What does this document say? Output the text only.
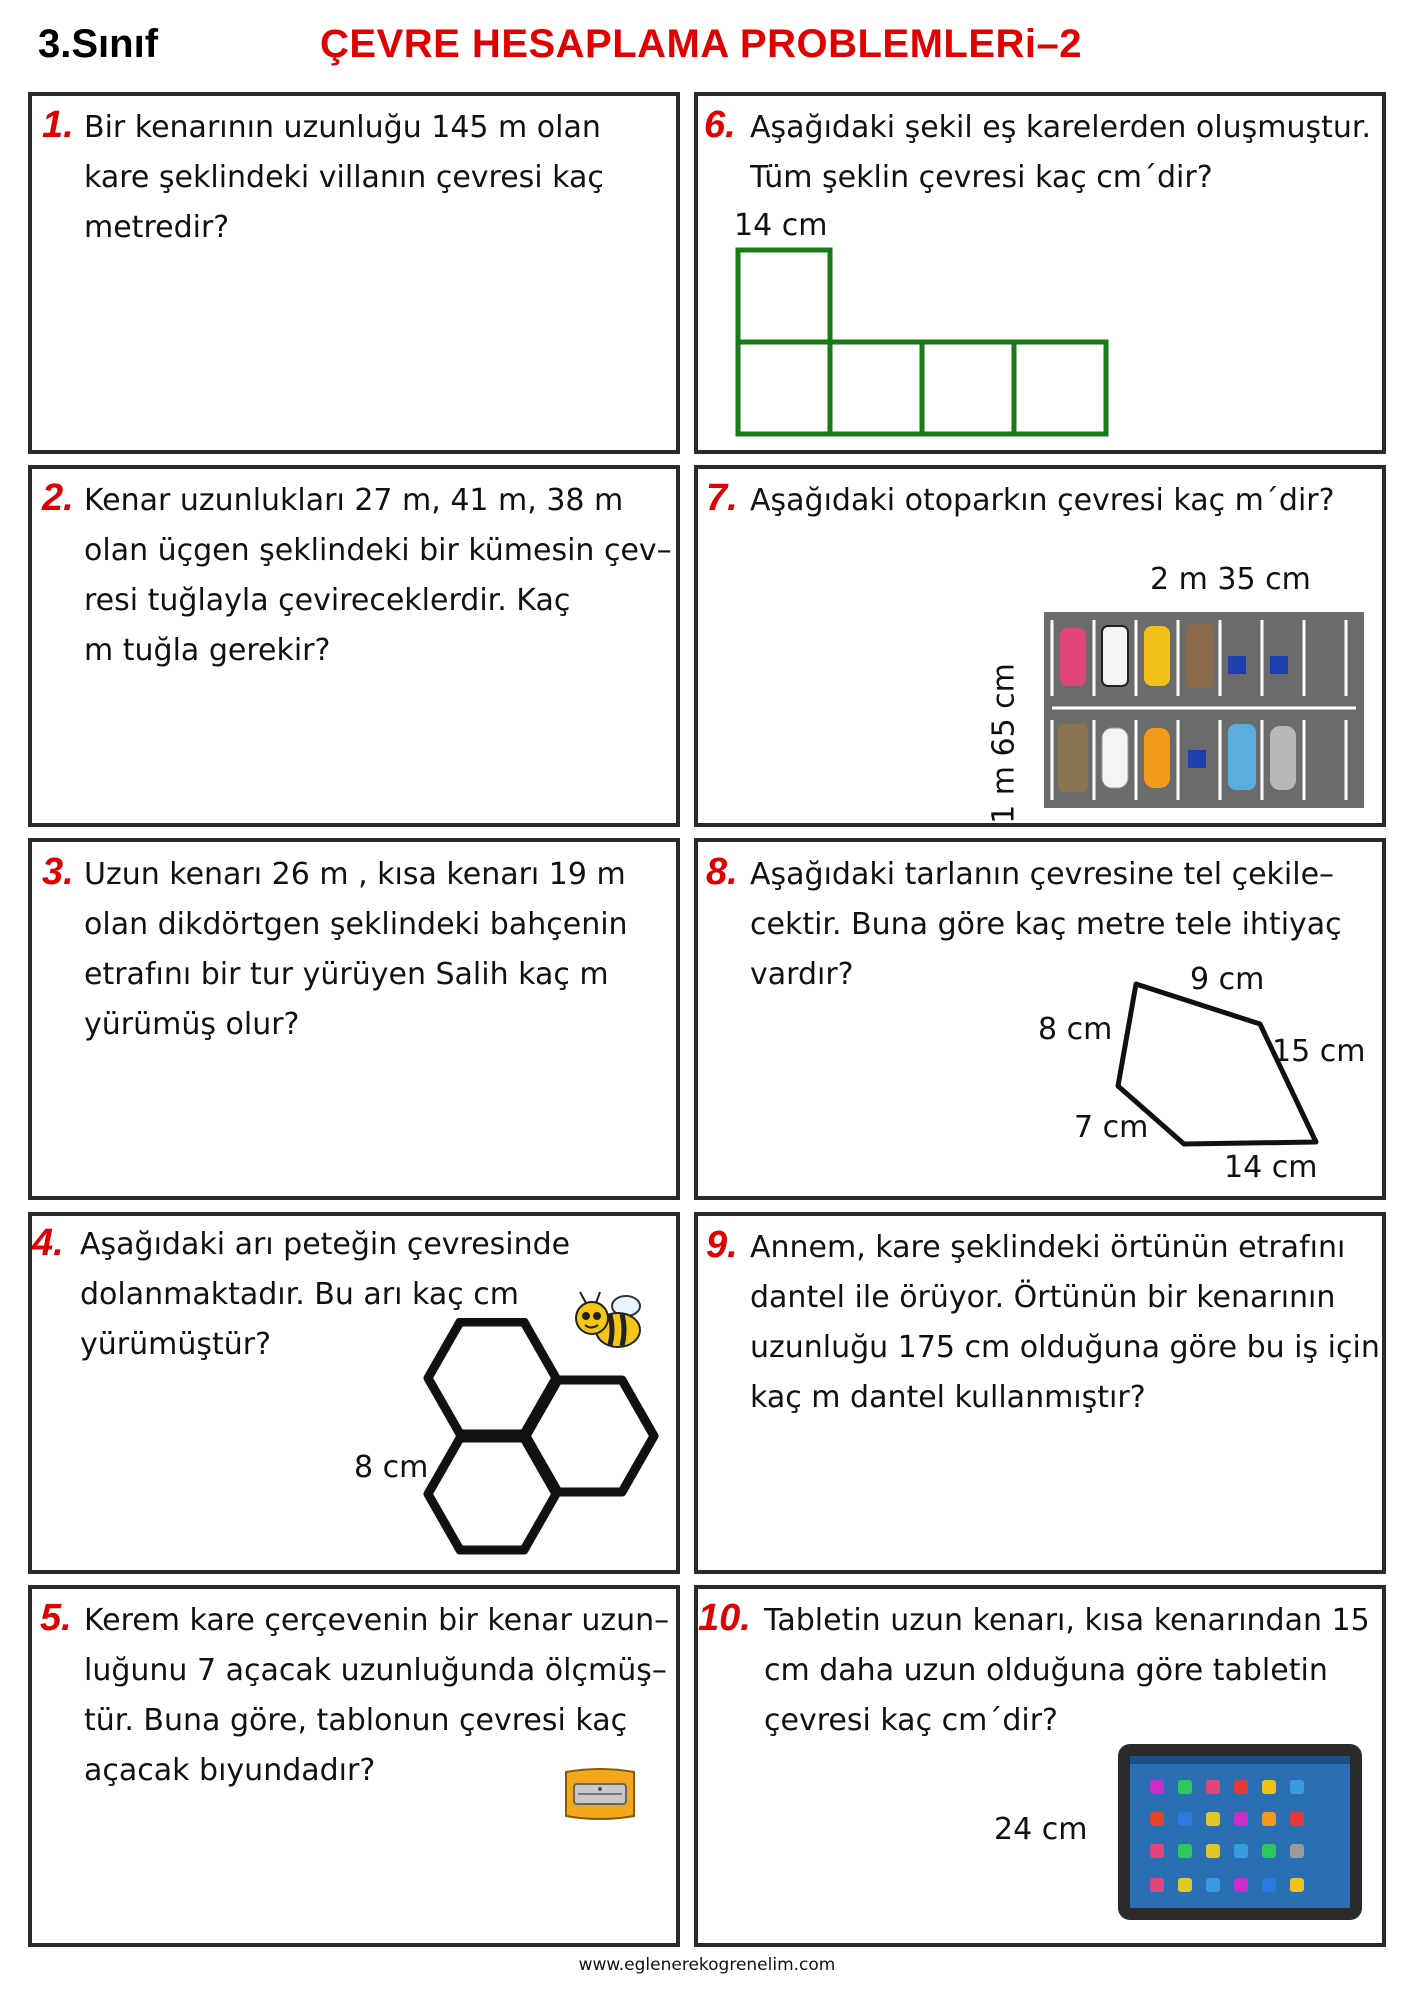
3.Sınıf	ÇEVRE HESAPLAMA PROBLEMLERi–2
1. Bir kenarının uzunluğu 145 m olan
kare şeklindeki villanın çevresi kaç
metredir?
2. Kenar uzunlukları 27 m, 41 m, 38 m
olan üçgen şeklindeki bir kümesin çev–
resi tuğlayla çevireceklerdir. Kaç
m tuğla gerekir?
3. Uzun kenarı 26 m , kısa kenarı 19 m
olan dikdörtgen şeklindeki bahçenin
etrafını bir tur yürüyen Salih kaç m
yürümüş olur?
4. Aşağıdaki arı peteğin çevresinde
dolanmaktadır. Bu arı kaç cm
yürümüştür?
8 cm
5. Kerem kare çerçevenin bir kenar uzun–
luğunu 7 açacak uzunluğunda ölçmüş–
tür. Buna göre, tablonun çevresi kaç
açacak bıyundadır?
6. Aşağıdaki şekil eş karelerden oluşmuştur.
Tüm şeklin çevresi kaç cm´dir?
14 cm
7. Aşağıdaki otoparkın çevresi kaç m´dir?
2 m 35 cm
1 m 65 cm
8. Aşağıdaki tarlanın çevresine tel çekile–
cektir. Buna göre kaç metre tele ihtiyaç
vardır?	9 cm
8 cm
15 cm
7 cm
14 cm
9. Annem, kare şeklindeki örtünün etrafını
dantel ile örüyor. Örtünün bir kenarının
uzunluğu 175 cm olduğuna göre bu iş için
kaç m dantel kullanmıştır?
10. Tabletin uzun kenarı, kısa kenarından 15
cm daha uzun olduğuna göre tabletin
çevresi kaç cm´dir?
24 cm
www.eglenerekogrenelim.com
